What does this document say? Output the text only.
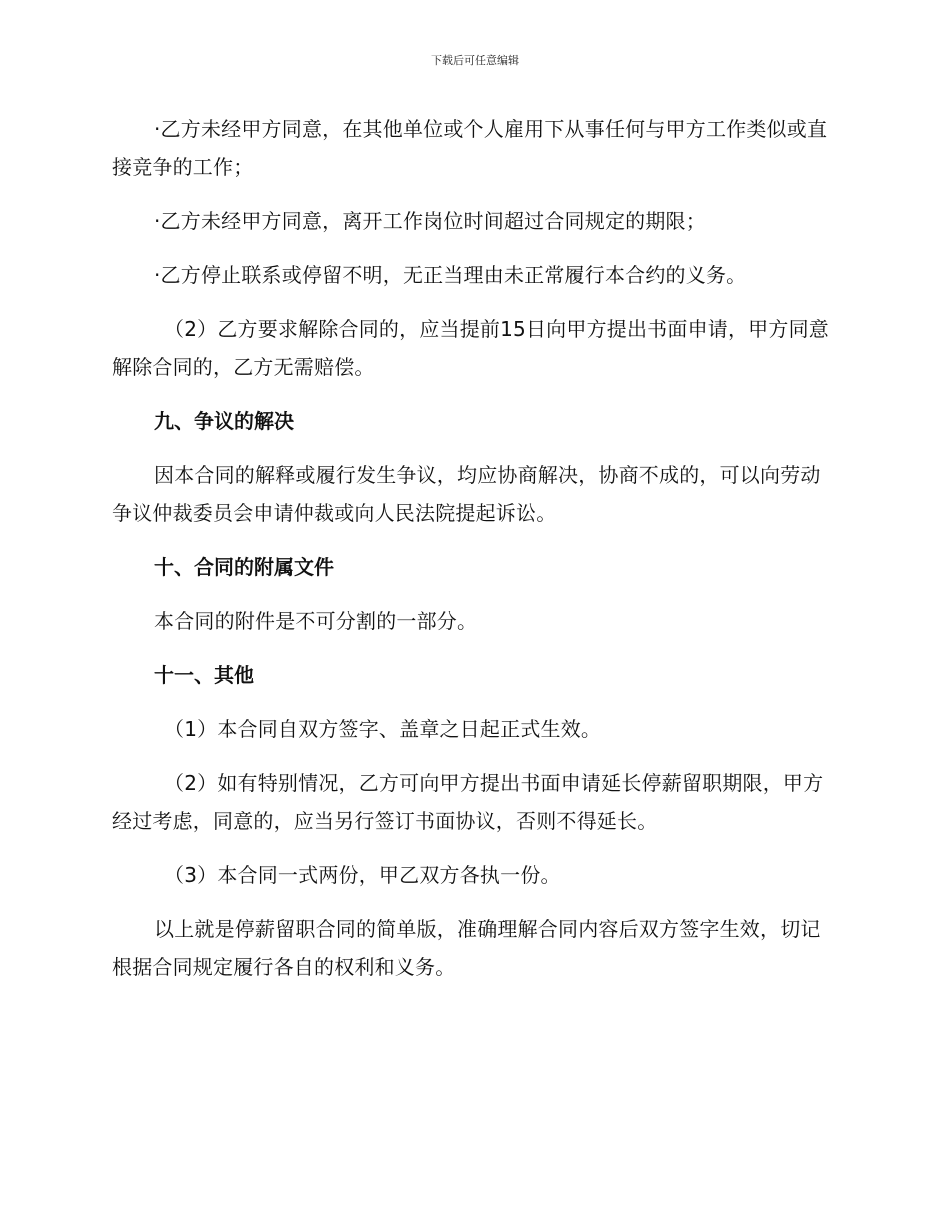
下载后可任意编辑

·乙方未经甲方同意，在其他单位或个人雇用下从事任何与甲方工作类似或直接竞争的工作；

·乙方未经甲方同意，离开工作岗位时间超过合同规定的期限；

·乙方停止联系或停留不明，无正当理由未正常履行本合约的义务。

（2）乙方要求解除合同的，应当提前15日向甲方提出书面申请，甲方同意解除合同的，乙方无需赔偿。

九、争议的解决

因本合同的解释或履行发生争议，均应协商解决，协商不成的，可以向劳动争议仲裁委员会申请仲裁或向人民法院提起诉讼。

十、合同的附属文件

本合同的附件是不可分割的一部分。

十一、其他

（1）本合同自双方签字、盖章之日起正式生效。

（2）如有特别情况，乙方可向甲方提出书面申请延长停薪留职期限，甲方经过考虑，同意的，应当另行签订书面协议，否则不得延长。

（3）本合同一式两份，甲乙双方各执一份。

以上就是停薪留职合同的简单版，准确理解合同内容后双方签字生效，切记根据合同规定履行各自的权利和义务。
